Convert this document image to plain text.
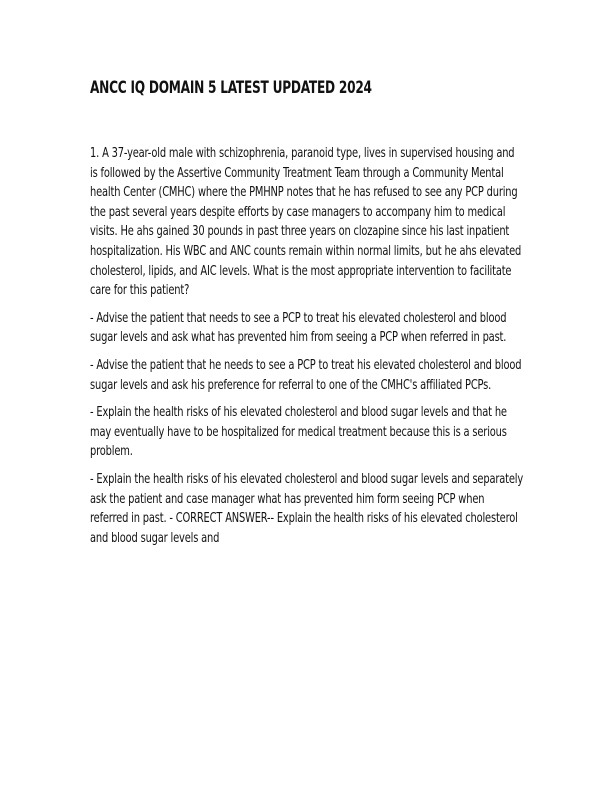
ANCC IQ DOMAIN 5 LATEST UPDATED 2024

1. A 37-year-old male with schizophrenia, paranoid type, lives in supervised housing and is followed by the Assertive Community Treatment Team through a Community Mental health Center (CMHC) where the PMHNP notes that he has refused to see any PCP during the past several years despite efforts by case managers to accompany him to medical visits. He ahs gained 30 pounds in past three years on clozapine since his last inpatient hospitalization. His WBC and ANC counts remain within normal limits, but he ahs elevated cholesterol, lipids, and AIC levels. What is the most appropriate intervention to facilitate care for this patient?

- Advise the patient that needs to see a PCP to treat his elevated cholesterol and blood sugar levels and ask what has prevented him from seeing a PCP when referred in past.

- Advise the patient that he needs to see a PCP to treat his elevated cholesterol and blood sugar levels and ask his preference for referral to one of the CMHC's affiliated PCPs.

- Explain the health risks of his elevated cholesterol and blood sugar levels and that he may eventually have to be hospitalized for medical treatment because this is a serious problem.

- Explain the health risks of his elevated cholesterol and blood sugar levels and separately ask the patient and case manager what has prevented him form seeing PCP when referred in past. - CORRECT ANSWER-- Explain the health risks of his elevated cholesterol and blood sugar levels and
